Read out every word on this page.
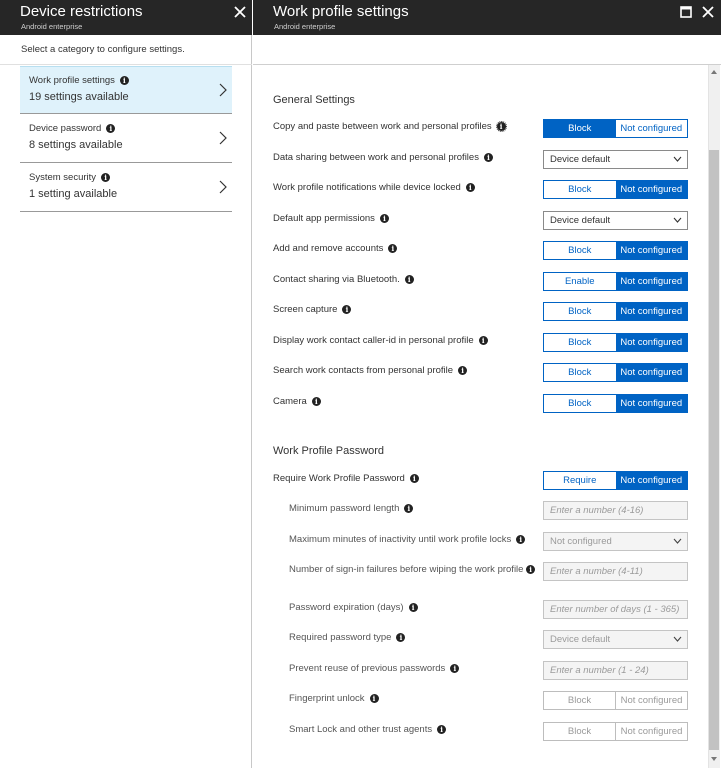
Device restrictions
Android enterprise
Select a category to configure settings.
Work profile settings	i
19 settings available
Device password	i
8 settings available
System security	i
1 setting available
Work profile settings
Android enterprise
General Settings
Copy and paste between work and personal profiles	i	Block	Not configured
Data sharing between work and personal profiles	i	Device default
Work profile notifications while device locked	i	Block	Not configured
Default app permissions	i	Device default
Add and remove accounts	i	Block	Not configured
Contact sharing via Bluetooth.	i	Enable	Not configured
Screen capture	i	Block	Not configured
Display work contact caller-id in personal profile	i	Block	Not configured
Search work contacts from personal profile	i	Block	Not configured
Camera	i	Block	Not configured
Work Profile Password
Require Work Profile Password	i	Require	Not configured
Minimum password length	i	Enter a number (4-16)
Maximum minutes of inactivity until work profile locks	i	Not configured
Number of sign-in failures before wiping the work profile i	Enter a number (4-11)
Password expiration (days)	i	Enter number of days (1 - 365)
Required password type	i	Device default
Prevent reuse of previous passwords	i	Enter a number (1 - 24)
Fingerprint unlock	i	Block	Not configured
Smart Lock and other trust agents	i	Block	Not configured
